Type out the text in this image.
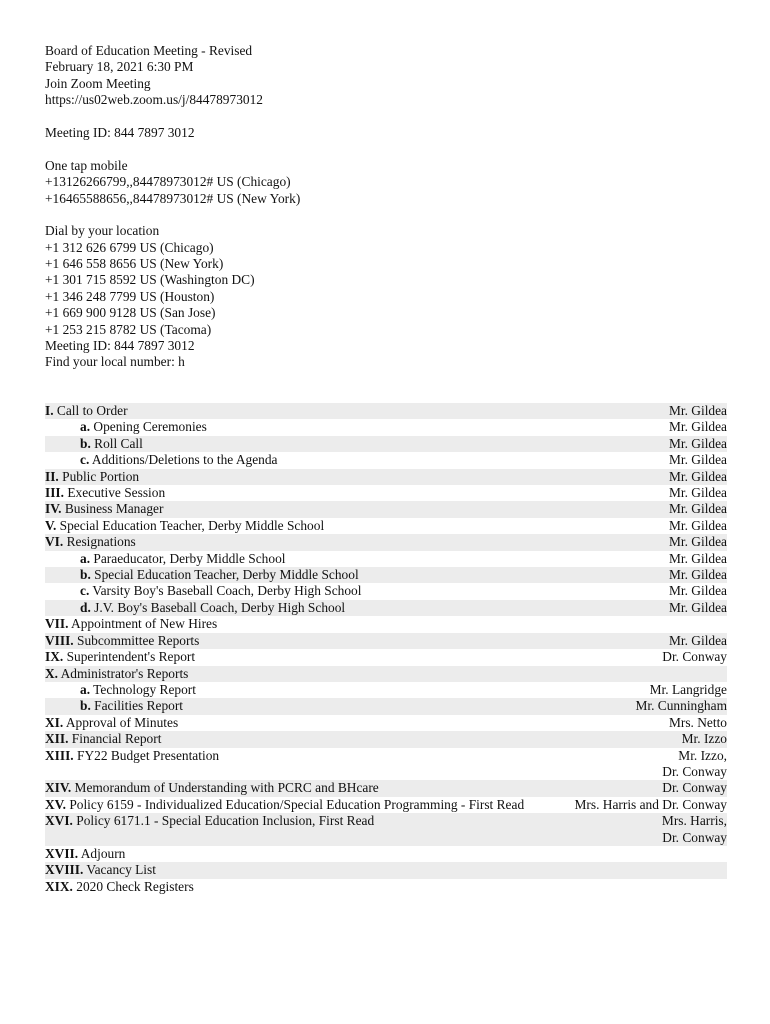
Board of Education Meeting - Revised
February 18, 2021 6:30 PM
Join Zoom Meeting
https://us02web.zoom.us/j/84478973012
Meeting ID: 844 7897 3012
One tap mobile
+13126266799,,84478973012# US (Chicago)
+16465588656,,84478973012# US (New York)
Dial by your location
+1 312 626 6799 US (Chicago)
+1 646 558 8656 US (New York)
+1 301 715 8592 US (Washington DC)
+1 346 248 7799 US (Houston)
+1 669 900 9128 US (San Jose)
+1 253 215 8782 US (Tacoma)
Meeting ID: 844 7897 3012
Find your local number: h
I. Call to Order	Mr. Gildea
a. Opening Ceremonies	Mr. Gildea
b. Roll Call	Mr. Gildea
c. Additions/Deletions to the Agenda	Mr. Gildea
II. Public Portion	Mr. Gildea
III. Executive Session	Mr. Gildea
IV. Business Manager	Mr. Gildea
V. Special Education Teacher, Derby Middle School	Mr. Gildea
VI. Resignations	Mr. Gildea
a. Paraeducator, Derby Middle School	Mr. Gildea
b. Special Education Teacher, Derby Middle School	Mr. Gildea
c. Varsity Boy's Baseball Coach, Derby High School	Mr. Gildea
d. J.V. Boy's Baseball Coach, Derby High School	Mr. Gildea
VII. Appointment of New Hires
VIII. Subcommittee Reports	Mr. Gildea
IX. Superintendent's Report	Dr. Conway
X. Administrator's Reports
a. Technology Report	Mr. Langridge
b. Facilities Report	Mr. Cunningham
XI. Approval of Minutes	Mrs. Netto
XII. Financial Report	Mr. Izzo
XIII. FY22 Budget Presentation	Mr. Izzo,
Dr. Conway
XIV. Memorandum of Understanding with PCRC and BHcare	Dr. Conway
XV. Policy 6159 - Individualized Education/Special Education Programming - First Read	Mrs. Harris and Dr. Conway
XVI. Policy 6171.1 - Special Education Inclusion, First Read	Mrs. Harris,
Dr. Conway
XVII. Adjourn
XVIII. Vacancy List
XIX. 2020 Check Registers
